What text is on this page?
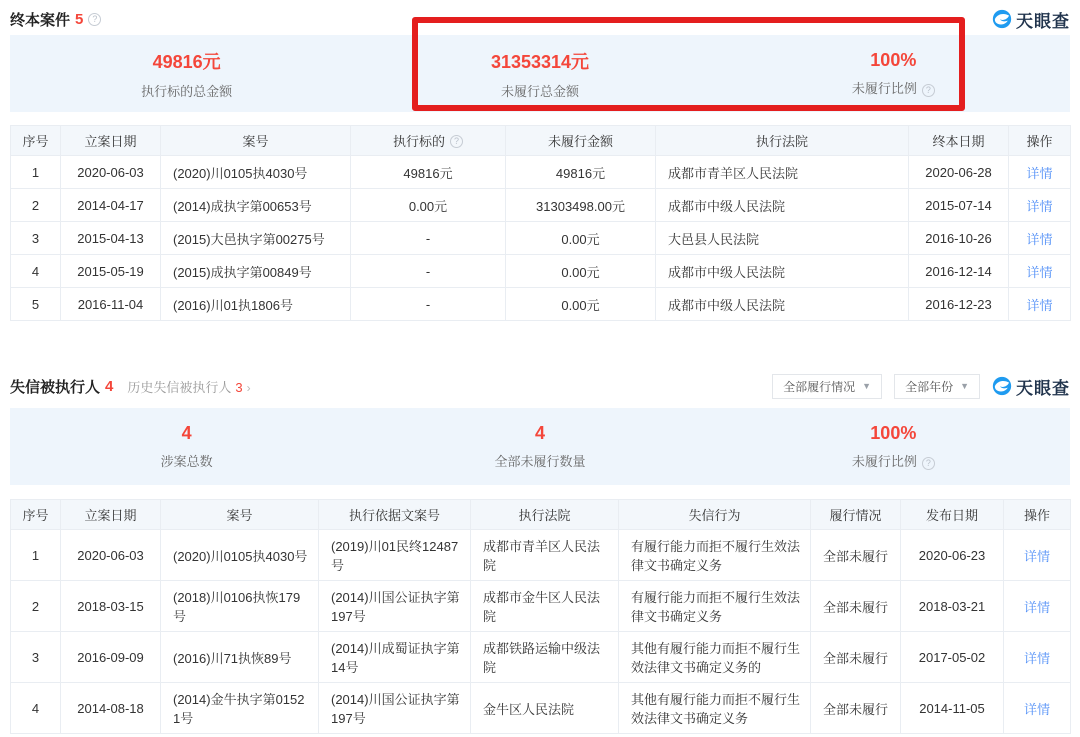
终本案件 5 ?	天眼查
49816元
执行标的总金额
31353314元
未履行总金额
100%
未履行比例 ?
序号	立案日期	案号	执行标的 ?	未履行金额	执行法院	终本日期	操作
1	2020-06-03	(2020)川0105执4030号	49816元	49816元	成都市青羊区人民法院	2020-06-28	详情
2	2014-04-17	(2014)成执字第00653号	0.00元	31303498.00元	成都市中级人民法院	2015-07-14	详情
3	2015-04-13	(2015)大邑执字第00275号	-	0.00元	大邑县人民法院	2016-10-26	详情
4	2015-05-19	(2015)成执字第00849号	-	0.00元	成都市中级人民法院	2016-12-14	详情
5	2016-11-04	(2016)川01执1806号	-	0.00元	成都市中级人民法院	2016-12-23	详情
失信被执行人 4 历史失信被执行人 3 ›	全部履行情况 ▼	全部年份 ▼	天眼查
4
涉案总数
4
全部未履行数量
100%
未履行比例 ?
序号	立案日期	案号	执行依据文案号	执行法院	失信行为	履行情况	发布日期	操作
1	2020-06-03	(2020)川0105执4030号	(2019)川01民终12487号	成都市青羊区人民法院	有履行能力而拒不履行生效法律文书确定义务	全部未履行	2020-06-23	详情
2	2018-03-15	(2018)川0106执恢179号	(2014)川国公证执字第197号	成都市金牛区人民法院	有履行能力而拒不履行生效法律文书确定义务	全部未履行	2018-03-21	详情
3	2016-09-09	(2016)川71执恢89号	(2014)川成蜀证执字第14号	成都铁路运输中级法院	其他有履行能力而拒不履行生效法律文书确定义务的	全部未履行	2017-05-02	详情
4	2014-08-18	(2014)金牛执字第01521号	(2014)川国公证执字第197号	金牛区人民法院	其他有履行能力而拒不履行生效法律文书确定义务	全部未履行	2014-11-05	详情
